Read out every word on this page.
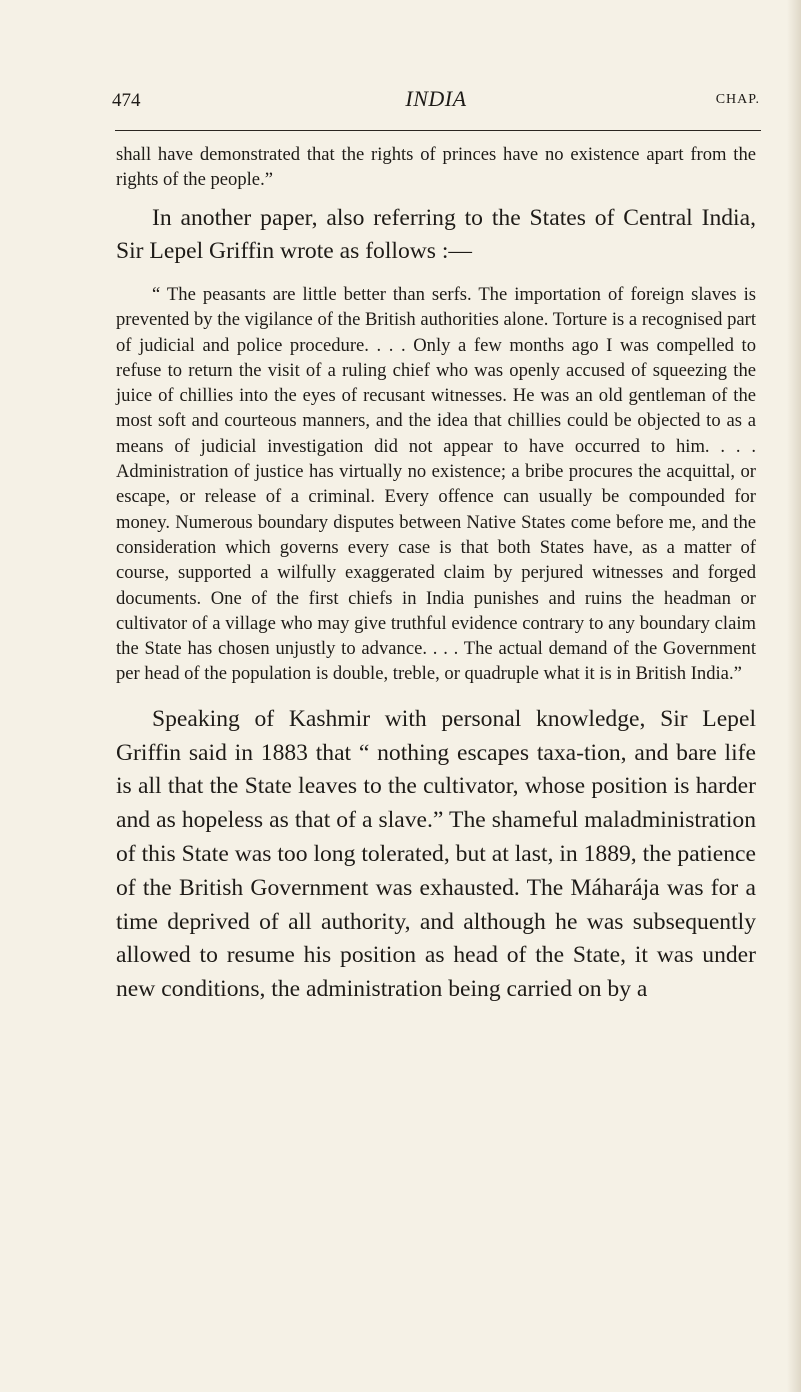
474	INDIA	CHAP.

shall have demonstrated that the rights of princes have no existence apart from the rights of the people.”

In another paper, also referring to the States of Central India, Sir Lepel Griffin wrote as follows :—

“ The peasants are little better than serfs. The importation of foreign slaves is prevented by the vigilance of the British authorities alone. Torture is a recognised part of judicial and police procedure. . . . Only a few months ago I was compelled to refuse to return the visit of a ruling chief who was openly accused of squeezing the juice of chillies into the eyes of recusant witnesses. He was an old gentleman of the most soft and courteous manners, and the idea that chillies could be objected to as a means of judicial investigation did not appear to have occurred to him. . . . Administration of justice has virtually no existence; a bribe procures the acquittal, or escape, or release of a criminal. Every offence can usually be compounded for money. Numerous boundary disputes between Native States come before me, and the consideration which governs every case is that both States have, as a matter of course, supported a wilfully exaggerated claim by perjured witnesses and forged documents. One of the first chiefs in India punishes and ruins the headman or cultivator of a village who may give truthful evidence contrary to any boundary claim the State has chosen unjustly to advance. . . . The actual demand of the Government per head of the population is double, treble, or quadruple what it is in British India.”

Speaking of Kashmir with personal knowledge, Sir Lepel Griffin said in 1883 that “ nothing escapes taxa-tion, and bare life is all that the State leaves to the cultivator, whose position is harder and as hopeless as that of a slave.” The shameful maladministration of this State was too long tolerated, but at last, in 1889, the patience of the British Government was exhausted. The Máharája was for a time deprived of all authority, and although he was subsequently allowed to resume his position as head of the State, it was under new conditions, the administration being carried on by a
